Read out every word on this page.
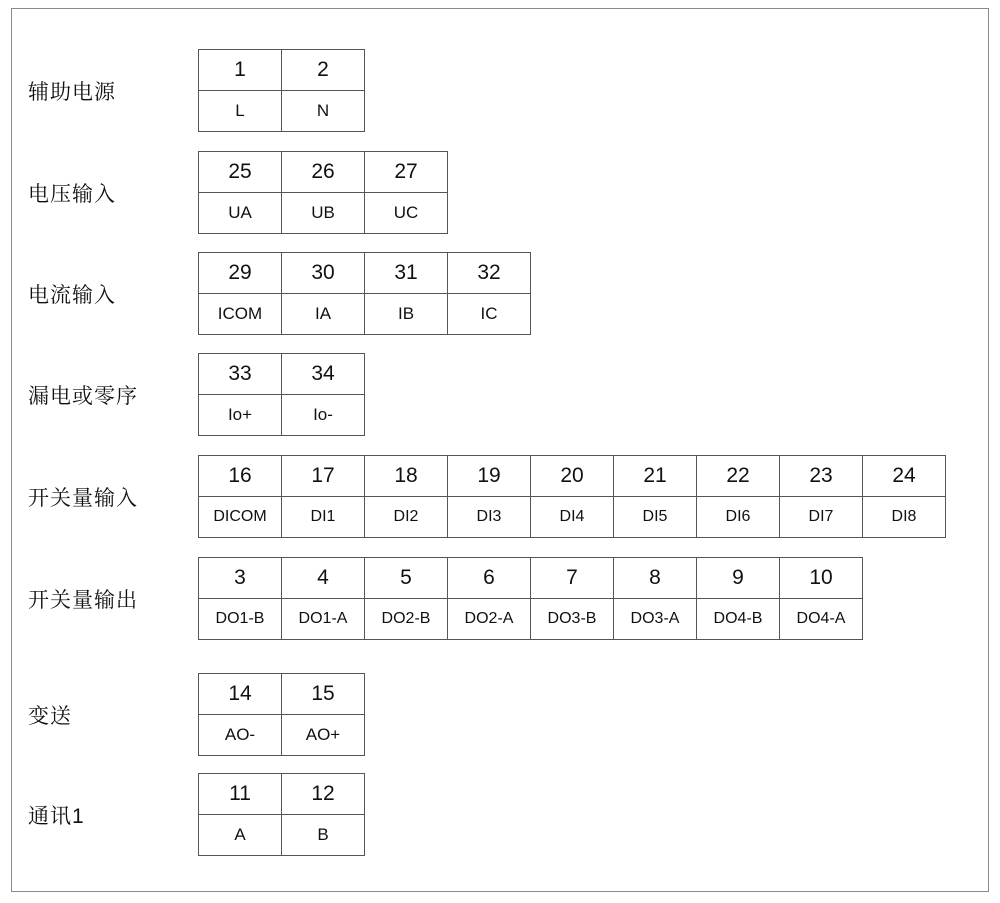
辅助电源
1	2
L	N
电压输入
25	26	27
UA	UB	UC
电流输入
29	30	31	32
ICOM	IA	IB	IC
漏电或零序
33	34
Io+	Io-
开关量输入
16	17	18	19	20	21	22	23	24
DICOM	DI1	DI2	DI3	DI4	DI5	DI6	DI7	DI8
开关量输出
3	4	5	6	7	8	9	10
DO1-B	DO1-A	DO2-B	DO2-A	DO3-B	DO3-A	DO4-B	DO4-A
变送
14	15
AO-	AO+
通讯1
11	12
A	B
